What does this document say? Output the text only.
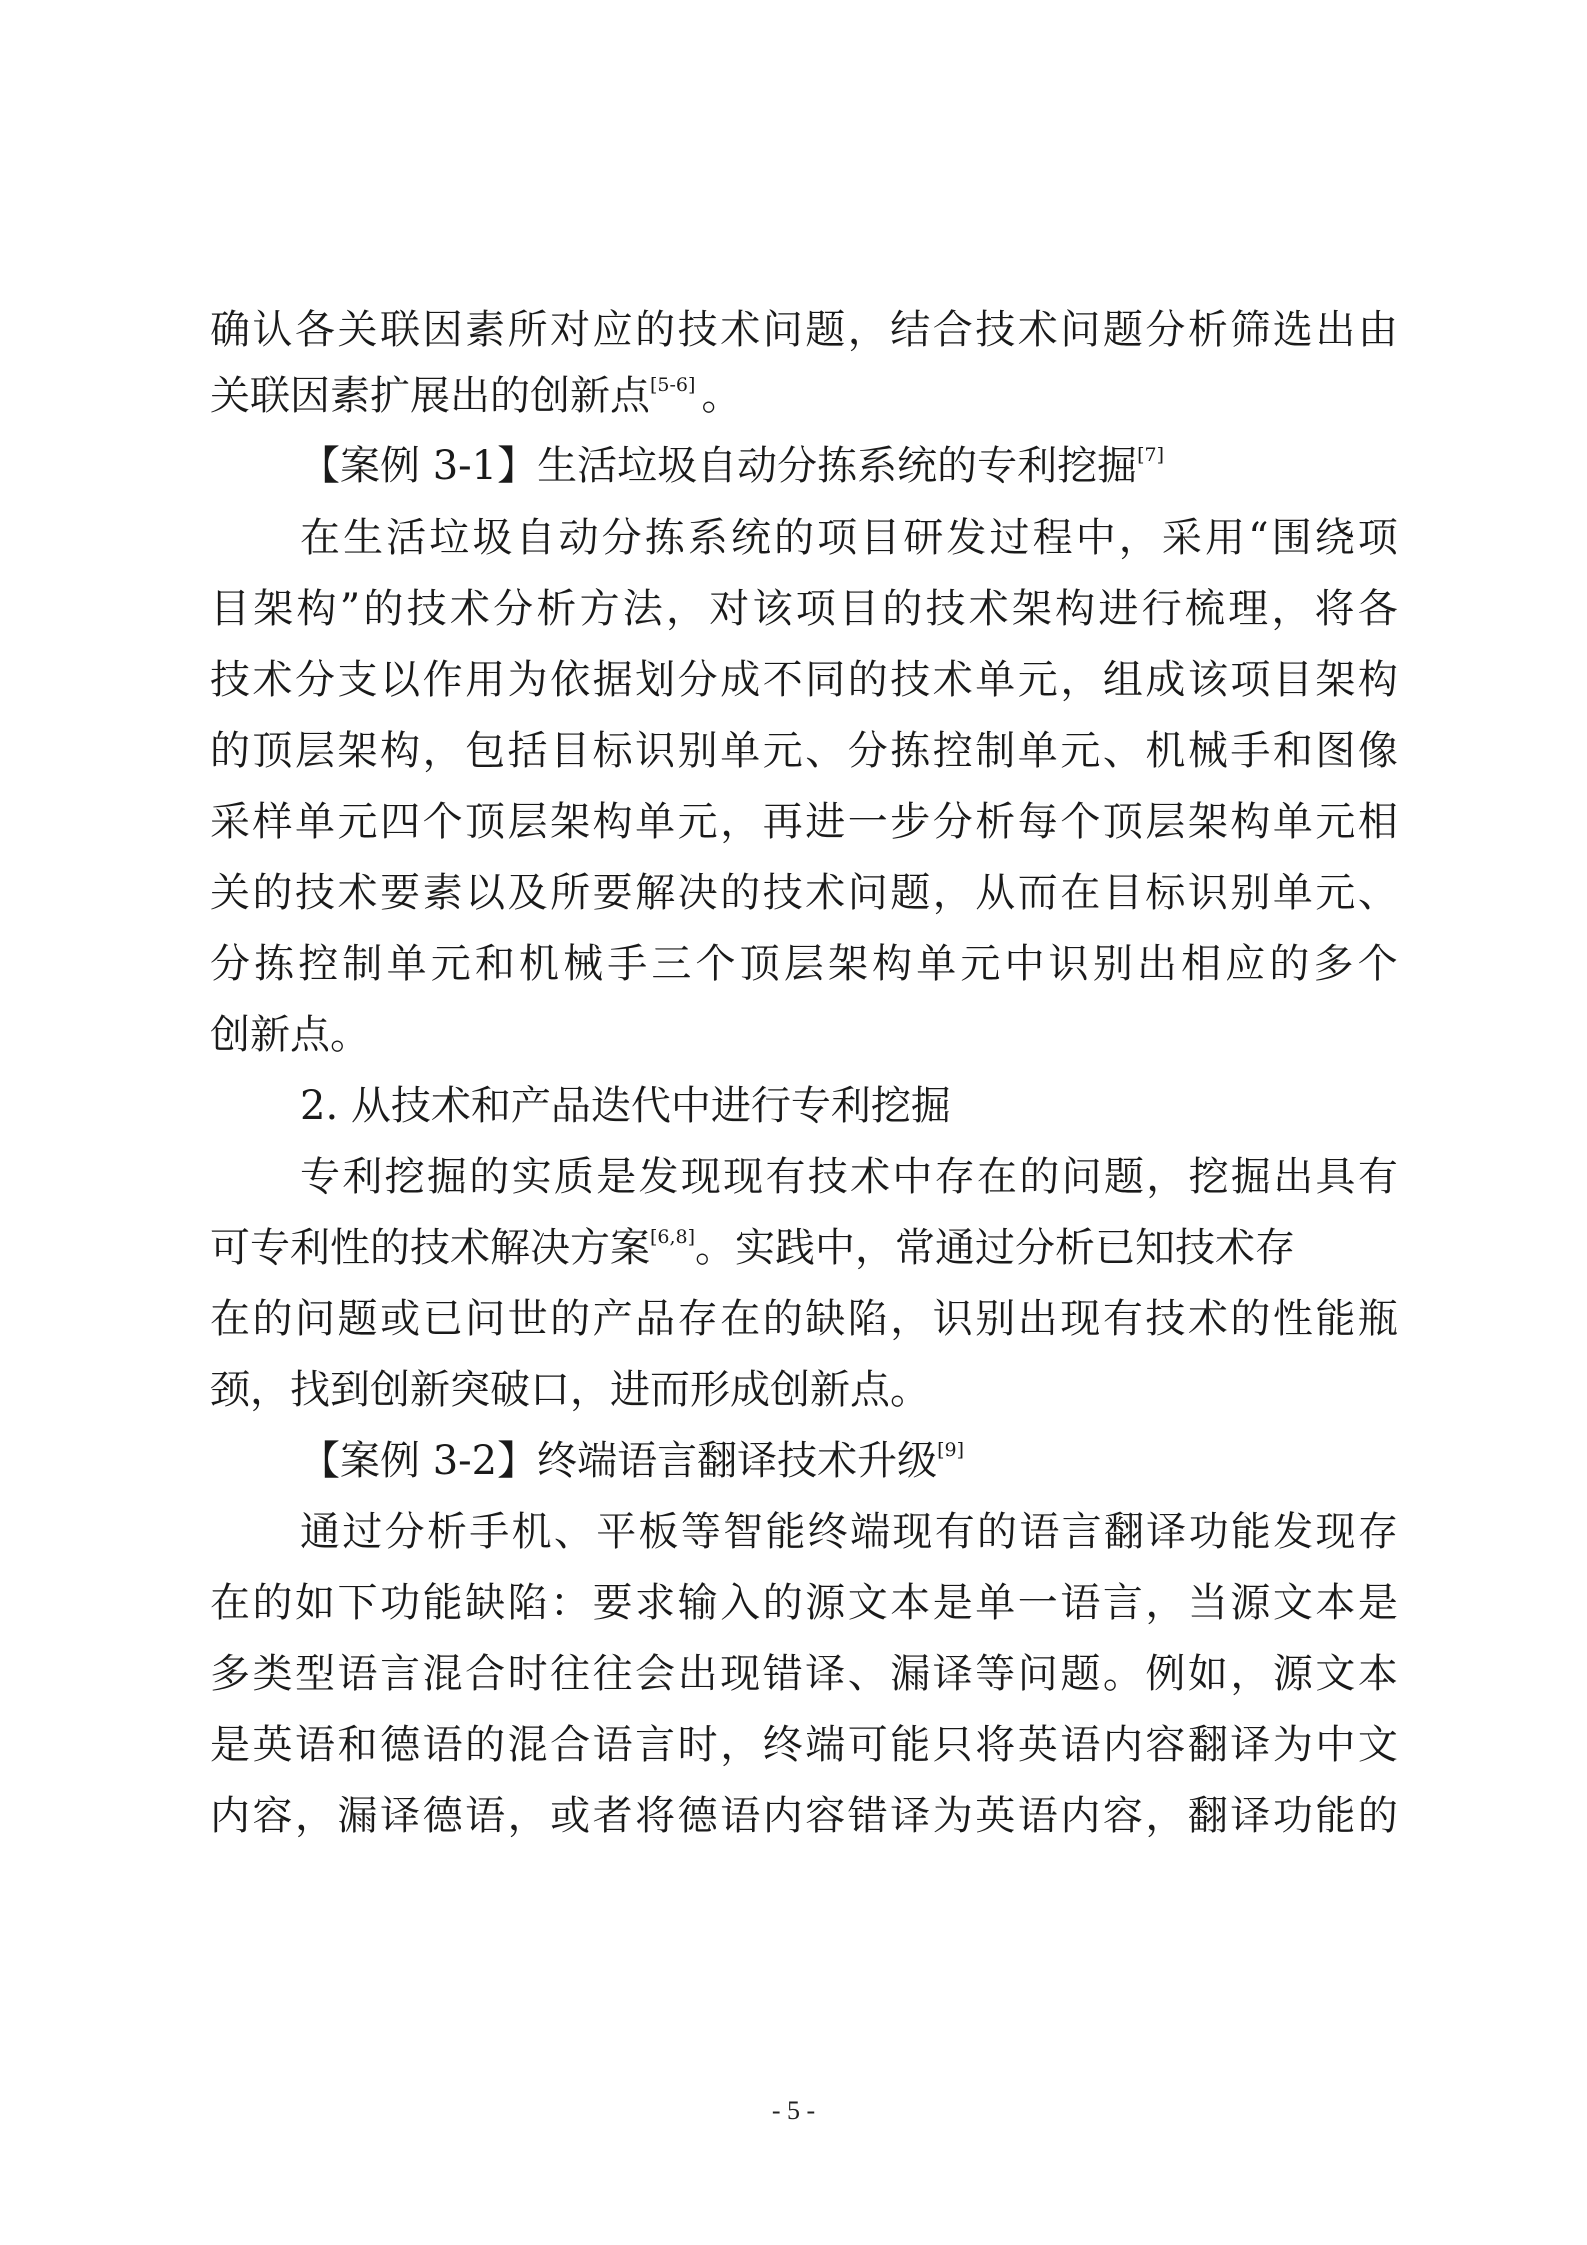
确 认 各 关 联 因 素 所 对 应 的 技 术 问 题 ， 结 合 技 术 问 题 分 析 筛 选 出 由
关联因素扩展出的创新点[5-6] 。
【案例 3-1】生活垃圾自动分拣系统的专利挖掘[7]
在 生 活 垃 圾 自 动 分 拣 系 统 的 项 目 研 发 过 程 中 ， 采 用 “ 围 绕 项
目 架 构 ” 的 技 术 分 析 方 法 ， 对 该 项 目 的 技 术 架 构 进 行 梳 理 ， 将 各
技 术 分 支 以 作 用 为 依 据 划 分 成 不 同 的 技 术 单 元 ， 组 成 该 项 目 架 构
的 顶 层 架 构 ， 包 括 目 标 识 别 单 元 、 分 拣 控 制 单 元 、 机 械 手 和 图 像
采 样 单 元 四 个 顶 层 架 构 单 元 ， 再 进 一 步 分 析 每 个 顶 层 架 构 单 元 相
关 的 技 术 要 素 以 及 所 要 解 决 的 技 术 问 题 ， 从 而 在 目 标 识 别 单 元 、
分 拣 控 制 单 元 和 机 械 手 三 个 顶 层 架 构 单 元 中 识 别 出 相 应 的 多 个
创新点。
2. 从技术和产品迭代中进行专利挖掘
专 利 挖 掘 的 实 质 是 发 现 现 有 技 术 中 存 在 的 问 题 ， 挖 掘 出 具 有
可专利性的技术解决方案[6,8]。实践中，常通过分析已知技术存
在 的 问 题 或 已 问 世 的 产 品 存 在 的 缺 陷 ， 识 别 出 现 有 技 术 的 性 能 瓶
颈，找到创新突破口，进而形成创新点。
【案例 3-2】终端语言翻译技术升级[9]
通 过 分 析 手 机 、 平 板 等 智 能 终 端 现 有 的 语 言 翻 译 功 能 发 现 存
在 的 如 下 功 能 缺 陷 ： 要 求 输 入 的 源 文 本 是 单 一 语 言 ， 当 源 文 本 是
多 类 型 语 言 混 合 时 往 往 会 出 现 错 译 、 漏 译 等 问 题 。 例 如 ， 源 文 本
是 英 语 和 德 语 的 混 合 语 言 时 ， 终 端 可 能 只 将 英 语 内 容 翻 译 为 中 文
内 容 ， 漏 译 德 语 ， 或 者 将 德 语 内 容 错 译 为 英 语 内 容 ， 翻 译 功 能 的
- 5 -
